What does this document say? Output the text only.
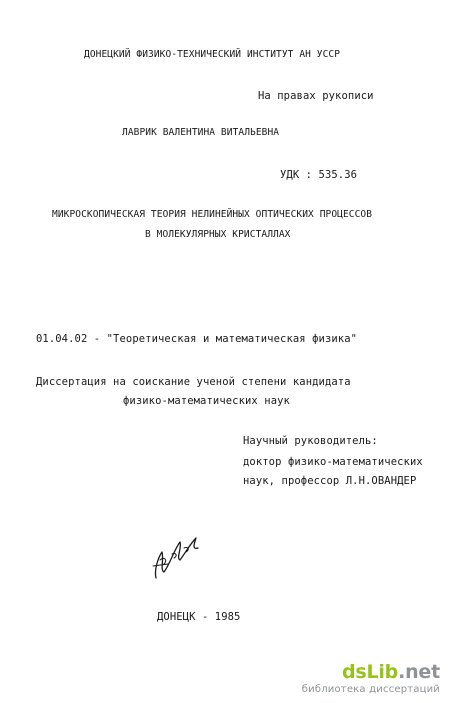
ДОНЕЦКИЙ ФИЗИКО-ТЕХНИЧЕСКИЙ ИНСТИТУТ АН УССР
На правах рукописи
ЛАВРИК ВАЛЕНТИНА ВИТАЛЬЕВНА
УДК : 535.36
МИКРОСКОПИЧЕСКАЯ ТЕОРИЯ НЕЛИНЕЙНЫХ ОПТИЧЕСКИХ ПРОЦЕССОВ
В МОЛЕКУЛЯРНЫХ КРИСТАЛЛАХ
01.04.02 - "Теоретическая и математическая физика"
Диссертация на соискание ученой степени кандидата
физико-математических наук
Научный руководитель:
доктор физико-математических
наук, профессор Л.Н.ОВАНДЕР
ДОНЕЦК - 1985
dsLib.net
библиотека диссертаций
